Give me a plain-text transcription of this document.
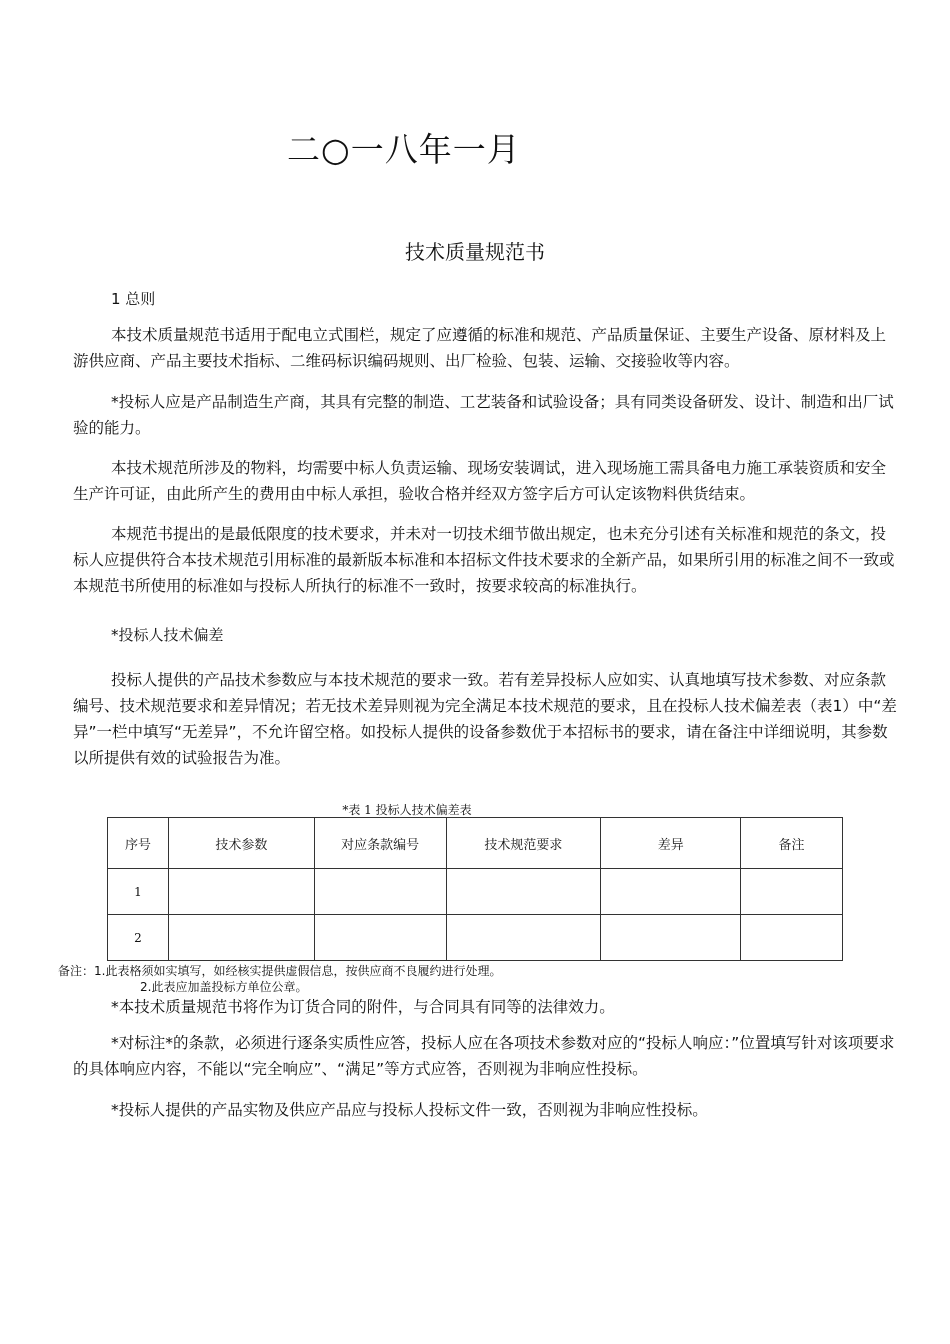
二○一八年一月
技术质量规范书
1 总则
本技术质量规范书适用于配电立式围栏，规定了应遵循的标准和规范、产品质量保证、主要生产设备、原材料及上游供应商、产品主要技术指标、二维码标识编码规则、出厂检验、包装、运输、交接验收等内容。
*投标人应是产品制造生产商，其具有完整的制造、工艺装备和试验设备；具有同类设备研发、设计、制造和出厂试验的能力。
本技术规范所涉及的物料，均需要中标人负责运输、现场安装调试，进入现场施工需具备电力施工承装资质和安全生产许可证，由此所产生的费用由中标人承担，验收合格并经双方签字后方可认定该物料供货结束。
本规范书提出的是最低限度的技术要求，并未对一切技术细节做出规定，也未充分引述有关标准和规范的条文，投标人应提供符合本技术规范引用标准的最新版本标准和本招标文件技术要求的全新产品，如果所引用的标准之间不一致或本规范书所使用的标准如与投标人所执行的标准不一致时，按要求较高的标准执行。
*投标人技术偏差
投标人提供的产品技术参数应与本技术规范的要求一致。若有差异投标人应如实、认真地填写技术参数、对应条款编号、技术规范要求和差异情况；若无技术差异则视为完全满足本技术规范的要求，且在投标人技术偏差表（表1）中“差异”一栏中填写“无差异”，不允许留空格。如投标人提供的设备参数优于本招标书的要求，请在备注中详细说明，其参数以所提供有效的试验报告为准。
*表 1 投标人技术偏差表
序号	技术参数	对应条款编号	技术规范要求	差异	备注
1					
2					
备注：1.此表格须如实填写，如经核实提供虚假信息，按供应商不良履约进行处理。
2.此表应加盖投标方单位公章。
*本技术质量规范书将作为订货合同的附件，与合同具有同等的法律效力。
*对标注*的条款，必须进行逐条实质性应答，投标人应在各项技术参数对应的“投标人响应：”位置填写针对该项要求的具体响应内容，不能以“完全响应”、“满足”等方式应答，否则视为非响应性投标。
*投标人提供的产品实物及供应产品应与投标人投标文件一致，否则视为非响应性投标。
